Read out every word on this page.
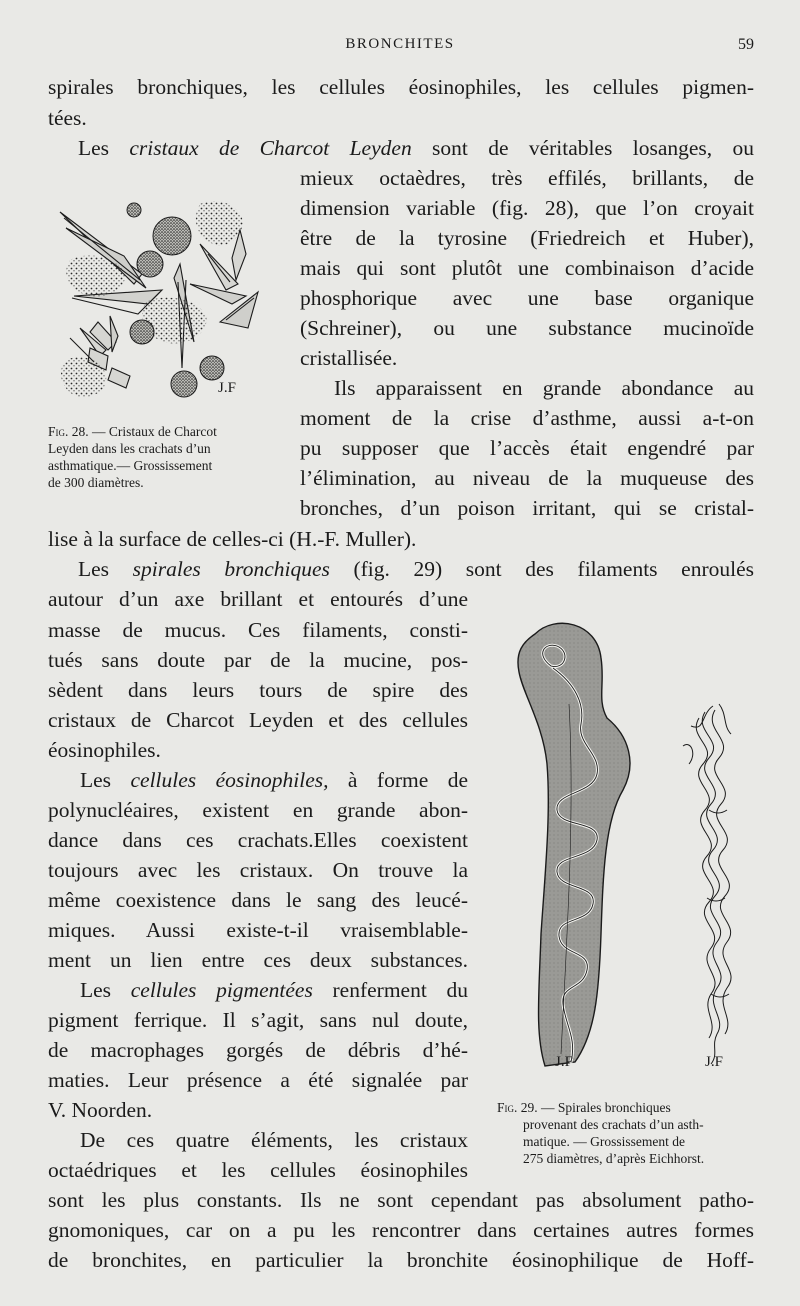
BRONCHITES	59
spirales bronchiques, les cellules éosinophiles, les cellules pigmen-
tées.
Les cristaux de Charcot Leyden sont de véritables losanges, ou
mieux octaèdres, très effilés, brillants, de
dimension variable (fig. 28), que l’on croyait
être de la tyrosine (Friedreich et Huber),
mais qui sont plutôt une combinaison d’acide
phosphorique avec une base organique
(Schreiner), ou une substance mucinoïde
cristallisée.
Ils apparaissent en grande abondance au
moment de la crise d’asthme, aussi a-t-on
pu supposer que l’accès était engendré par
l’élimination, au niveau de la muqueuse des
bronches, d’un poison irritant, qui se cristal-
lise à la surface de celles-ci (H.-F. Muller).
J.F
Fig. 28. — Cristaux de Charcot
Leyden dans les crachats d’un
asthmatique.— Grossissement
de 300 diamètres.
Les spirales bronchiques (fig. 29) sont des filaments enroulés
autour d’un axe brillant et entourés d’une
masse de mucus. Ces filaments, consti-
tués sans doute par de la mucine, pos-
sèdent dans leurs tours de spire des
cristaux de Charcot Leyden et des cellules
éosinophiles.
Les cellules éosinophiles, à forme de
polynucléaires, existent en grande abon-
dance dans ces crachats.Elles coexistent
toujours avec les cristaux. On trouve la
même coexistence dans le sang des leucé-
miques. Aussi existe-t-il vraisemblable-
ment un lien entre ces deux substances.
Les cellules pigmentées renferment du
pigment ferrique. Il s’agit, sans nul doute,
de macrophages gorgés de débris d’hé-
maties. Leur présence a été signalée par
V. Noorden.
De ces quatre éléments, les cristaux
octaédriques et les cellules éosinophiles
sont les plus constants. Ils ne sont cependant pas absolument patho-
gnomoniques, car on a pu les rencontrer dans certaines autres formes
de bronchites, en particulier la bronchite éosinophilique de Hoff-
J.F	J.F
Fig. 29. — Spirales bronchiques
provenant des crachats d’un asth-
matique. — Grossissement de
275 diamètres, d’après Eichhorst.
